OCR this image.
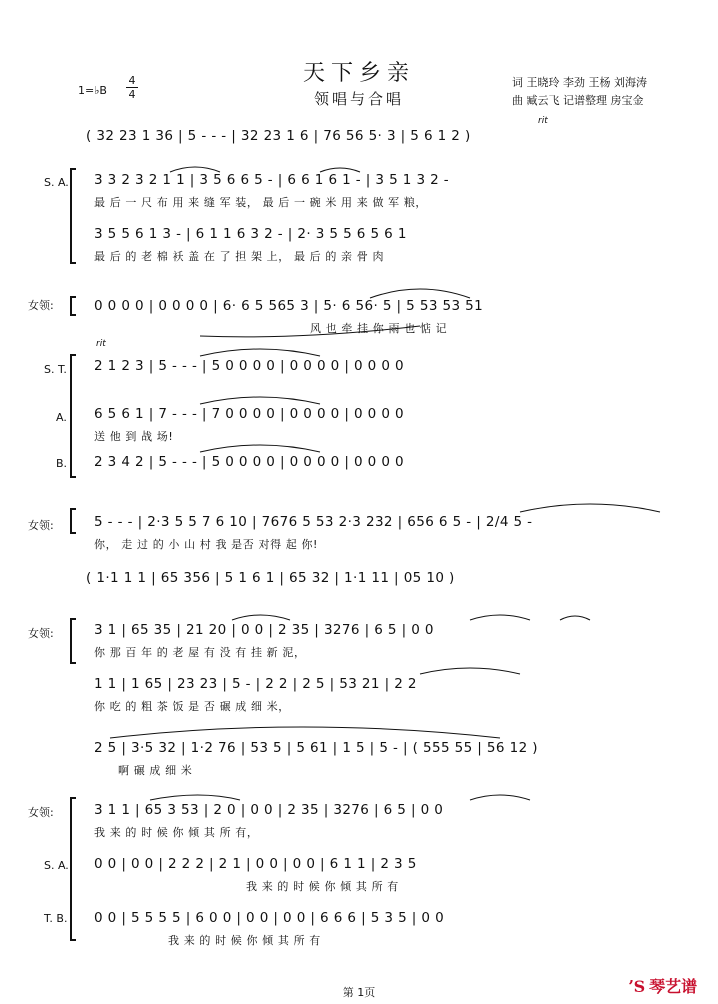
天下乡亲
领唱与合唱
词 王晓玲 李劲 王杨 刘海涛
曲 臧云飞 记谱整理 房宝金
1=♭B
4
4
S. A.
女领:
S. T.
A.
B.
女领:
女领:
女领:
S. A.
T. B.
rit
rit
( 32 23 1 36 | 5 - - - | 32 23 1 6 | 76 56 5· 3 | 5 6 1 2 )
3 3 2 3 2 1 1 | 3 5 6 6 5 - | 6 6 1 6 1 - | 3 5 1 3 2 -
最 后 一 尺 布 用 来 缝 军 装， 最 后 一 碗 米 用 来 做 军 粮，
3 5 5 6 1 3 - | 6 1 1 6 3 2 - | 2· 3 5 5 6 5 6 1
最 后 的 老 棉 袄 盖 在 了 担 架 上， 最 后 的 亲 骨 肉
0 0 0 0 | 0 0 0 0 | 6· 6 5 565 3 | 5· 6 56· 5 | 5 53 53 51
风 也 牵 挂 你 雨 也 惦 记
2 1 2 3 | 5 - - - | 5 0 0 0 0 | 0 0 0 0 | 0 0 0 0
6 5 6 1 | 7 - - - | 7 0 0 0 0 | 0 0 0 0 | 0 0 0 0
送 他 到 战 场!
2 3 4 2 | 5 - - - | 5 0 0 0 0 | 0 0 0 0 | 0 0 0 0
5 - - - | 2·3 5 5 7 6 10 | 7676 5 53 2·3 232 | 656 6 5 - | 2/4 5 -
你， 走 过 的 小 山 村 我 是否 对得 起 你!
( 1·1 1 1 | 65 356 | 5 1 6 1 | 65 32 | 1·1 11 | 05 10 )
3 1 | 65 35 | 21 20 | 0 0 | 2 35 | 3276 | 6 5 | 0 0
你 那 百 年 的 老 屋 有 没 有 挂 新 泥，
1 1 | 1 65 | 23 23 | 5 - | 2 2 | 2 5 | 53 21 | 2 2
你 吃 的 粗 茶 饭 是 否 碾 成 细 米，
2 5 | 3·5 32 | 1·2 76 | 53 5 | 5 61 | 1 5 | 5 - | ( 555 55 | 56 12 )
啊 碾 成 细 米
3 1 1 | 65 3 53 | 2 0 | 0 0 | 2 35 | 3276 | 6 5 | 0 0
我 来 的 时 候 你 倾 其 所 有，
0 0 | 0 0 | 2 2 2 | 2 1 | 0 0 | 0 0 | 6 1 1 | 2 3 5
我 来 的 时 候 你 倾 其 所 有
0 0 | 5 5 5 5 | 6 0 0 | 0 0 | 0 0 | 6 6 6 | 5 3 5 | 0 0
我 来 的 时 候 你 倾 其 所 有
第 1页	ʼS 琴艺谱
